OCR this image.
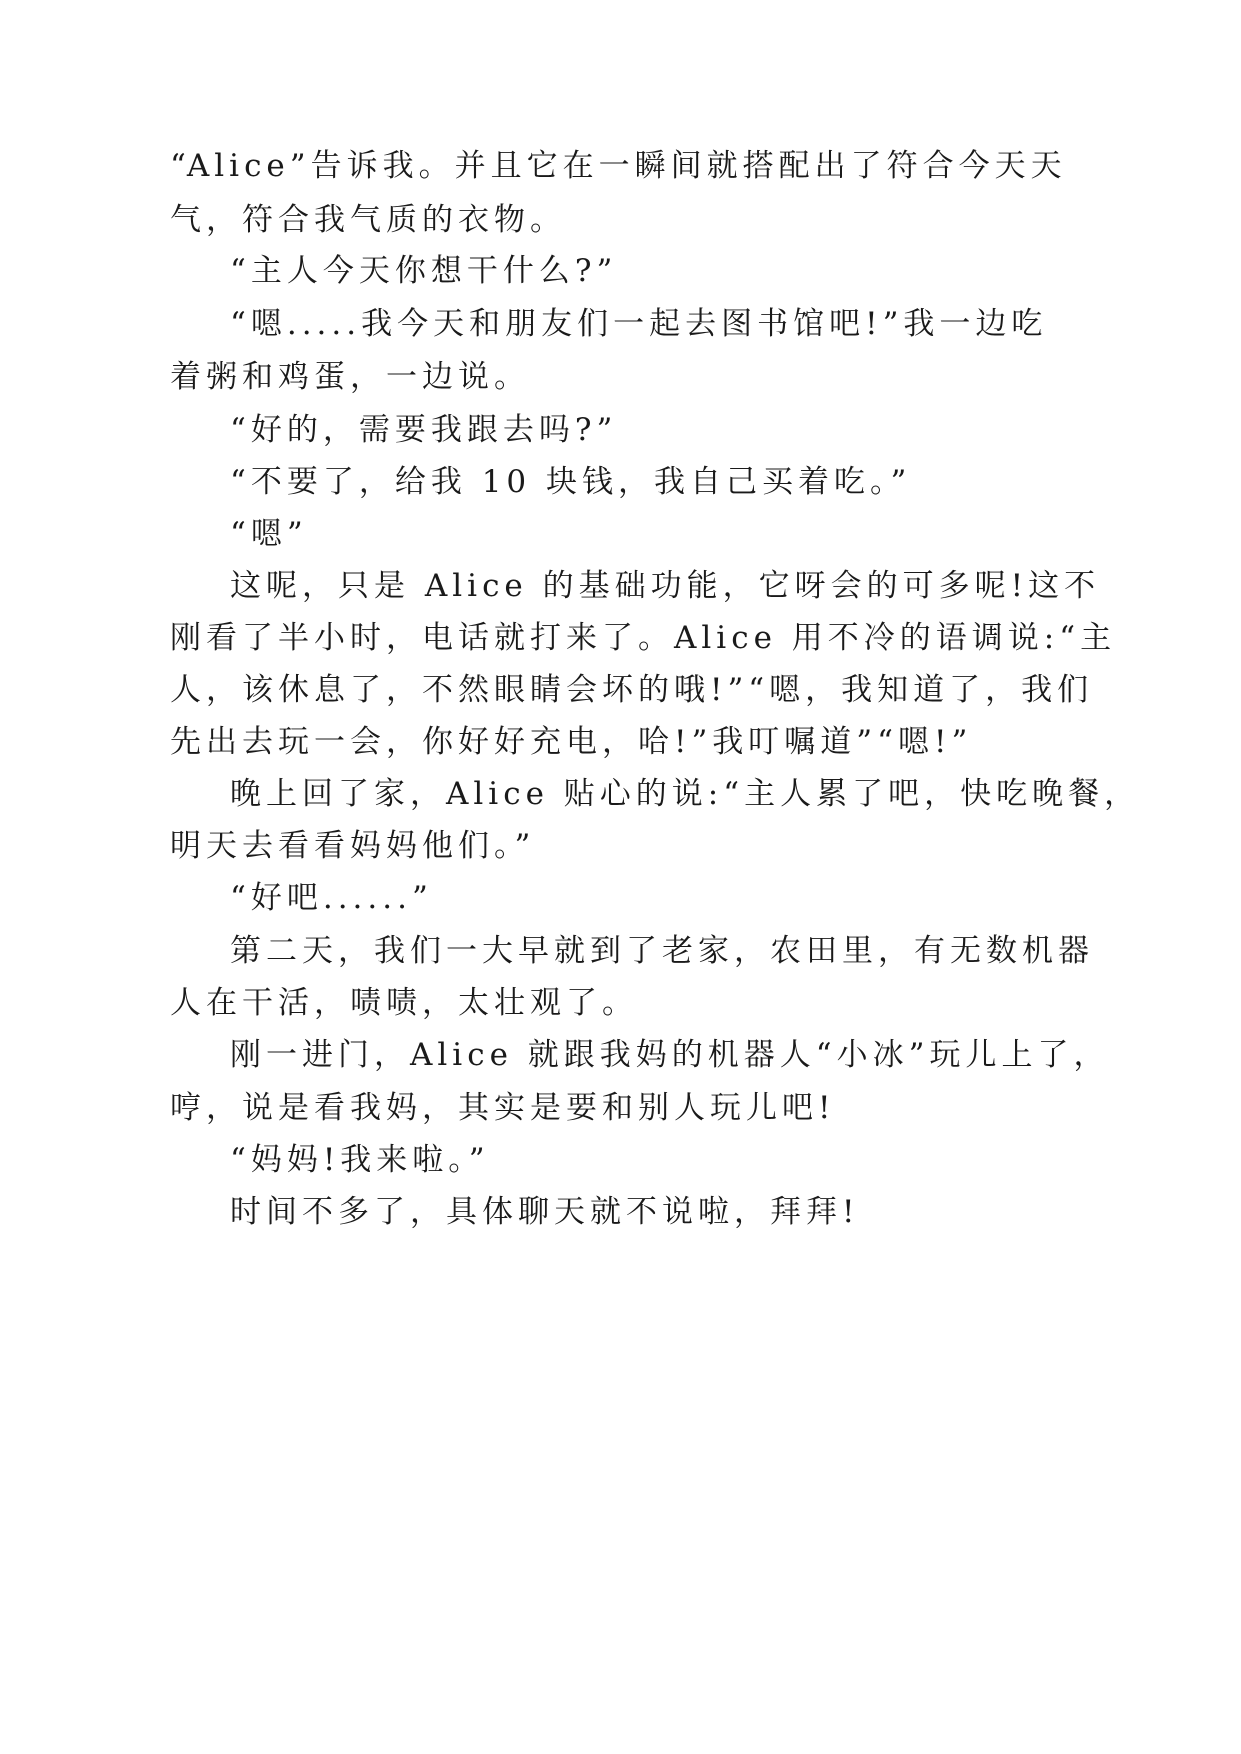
“Alice”告诉我。并且它在一瞬间就搭配出了符合今天天

气，符合我气质的衣物。

“主人今天你想干什么?”

“嗯.....我今天和朋友们一起去图书馆吧!”我一边吃

着粥和鸡蛋，一边说。

“好的，需要我跟去吗?”

“不要了，给我 10 块钱，我自己买着吃。”

“嗯”

这呢，只是 Alice 的基础功能，它呀会的可多呢!这不

刚看了半小时，电话就打来了。Alice 用不冷的语调说:“主

人，该休息了，不然眼睛会坏的哦!”“嗯，我知道了，我们

先出去玩一会，你好好充电，哈!”我叮嘱道”“嗯!”

晚上回了家，Alice 贴心的说:“主人累了吧，快吃晚餐，

明天去看看妈妈他们。”

“好吧......”

第二天，我们一大早就到了老家，农田里，有无数机器

人在干活，啧啧，太壮观了。

刚一进门，Alice 就跟我妈的机器人“小冰”玩儿上了，

哼，说是看我妈，其实是要和别人玩儿吧!

“妈妈!我来啦。”

时间不多了，具体聊天就不说啦，拜拜!
